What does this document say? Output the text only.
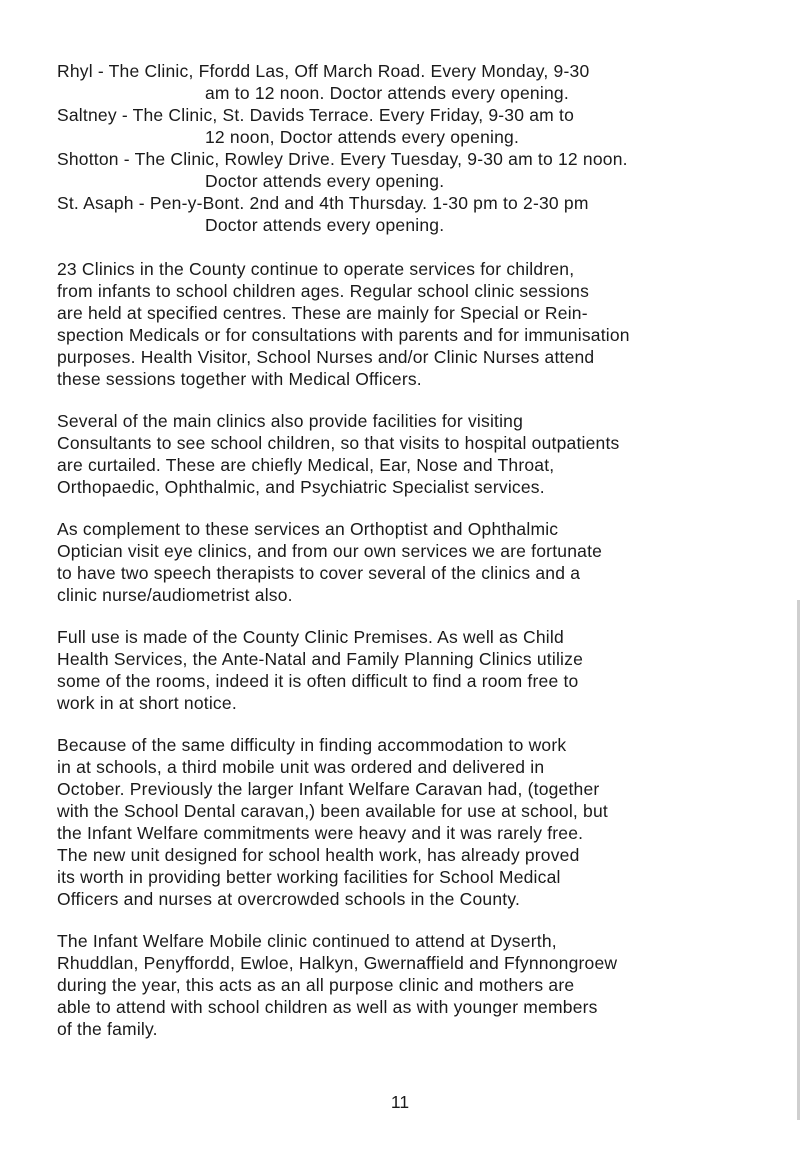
Rhyl - The Clinic, Ffordd Las, Off March Road. Every Monday, 9-30
am to 12 noon. Doctor attends every opening.

Saltney - The Clinic, St. Davids Terrace. Every Friday, 9-30 am to
12 noon, Doctor attends every opening.

Shotton - The Clinic, Rowley Drive. Every Tuesday, 9-30 am to 12 noon.
Doctor attends every opening.

St. Asaph - Pen-y-Bont. 2nd and 4th Thursday. 1-30 pm to 2-30 pm
Doctor attends every opening.

23 Clinics in the County continue to operate services for children,
from infants to school children ages. Regular school clinic sessions
are held at specified centres. These are mainly for Special or Rein-
spection Medicals or for consultations with parents and for immunisation
purposes. Health Visitor, School Nurses and/or Clinic Nurses attend
these sessions together with Medical Officers.

Several of the main clinics also provide facilities for visiting
Consultants to see school children, so that visits to hospital outpatients
are curtailed. These are chiefly Medical, Ear, Nose and Throat,
Orthopaedic, Ophthalmic, and Psychiatric Specialist services.

As complement to these services an Orthoptist and Ophthalmic
Optician visit eye clinics, and from our own services we are fortunate
to have two speech therapists to cover several of the clinics and a
clinic nurse/audiometrist also.

Full use is made of the County Clinic Premises. As well as Child
Health Services, the Ante-Natal and Family Planning Clinics utilize
some of the rooms, indeed it is often difficult to find a room free to
work in at short notice.

Because of the same difficulty in finding accommodation to work
in at schools, a third mobile unit was ordered and delivered in
October. Previously the larger Infant Welfare Caravan had, (together
with the School Dental caravan,) been available for use at school, but
the Infant Welfare commitments were heavy and it was rarely free.
The new unit designed for school health work, has already proved
its worth in providing better working facilities for School Medical
Officers and nurses at overcrowded schools in the County.

The Infant Welfare Mobile clinic continued to attend at Dyserth,
Rhuddlan, Penyffordd, Ewloe, Halkyn, Gwernaffield and Ffynnongroew
during the year, this acts as an all purpose clinic and mothers are
able to attend with school children as well as with younger members
of the family.

11
